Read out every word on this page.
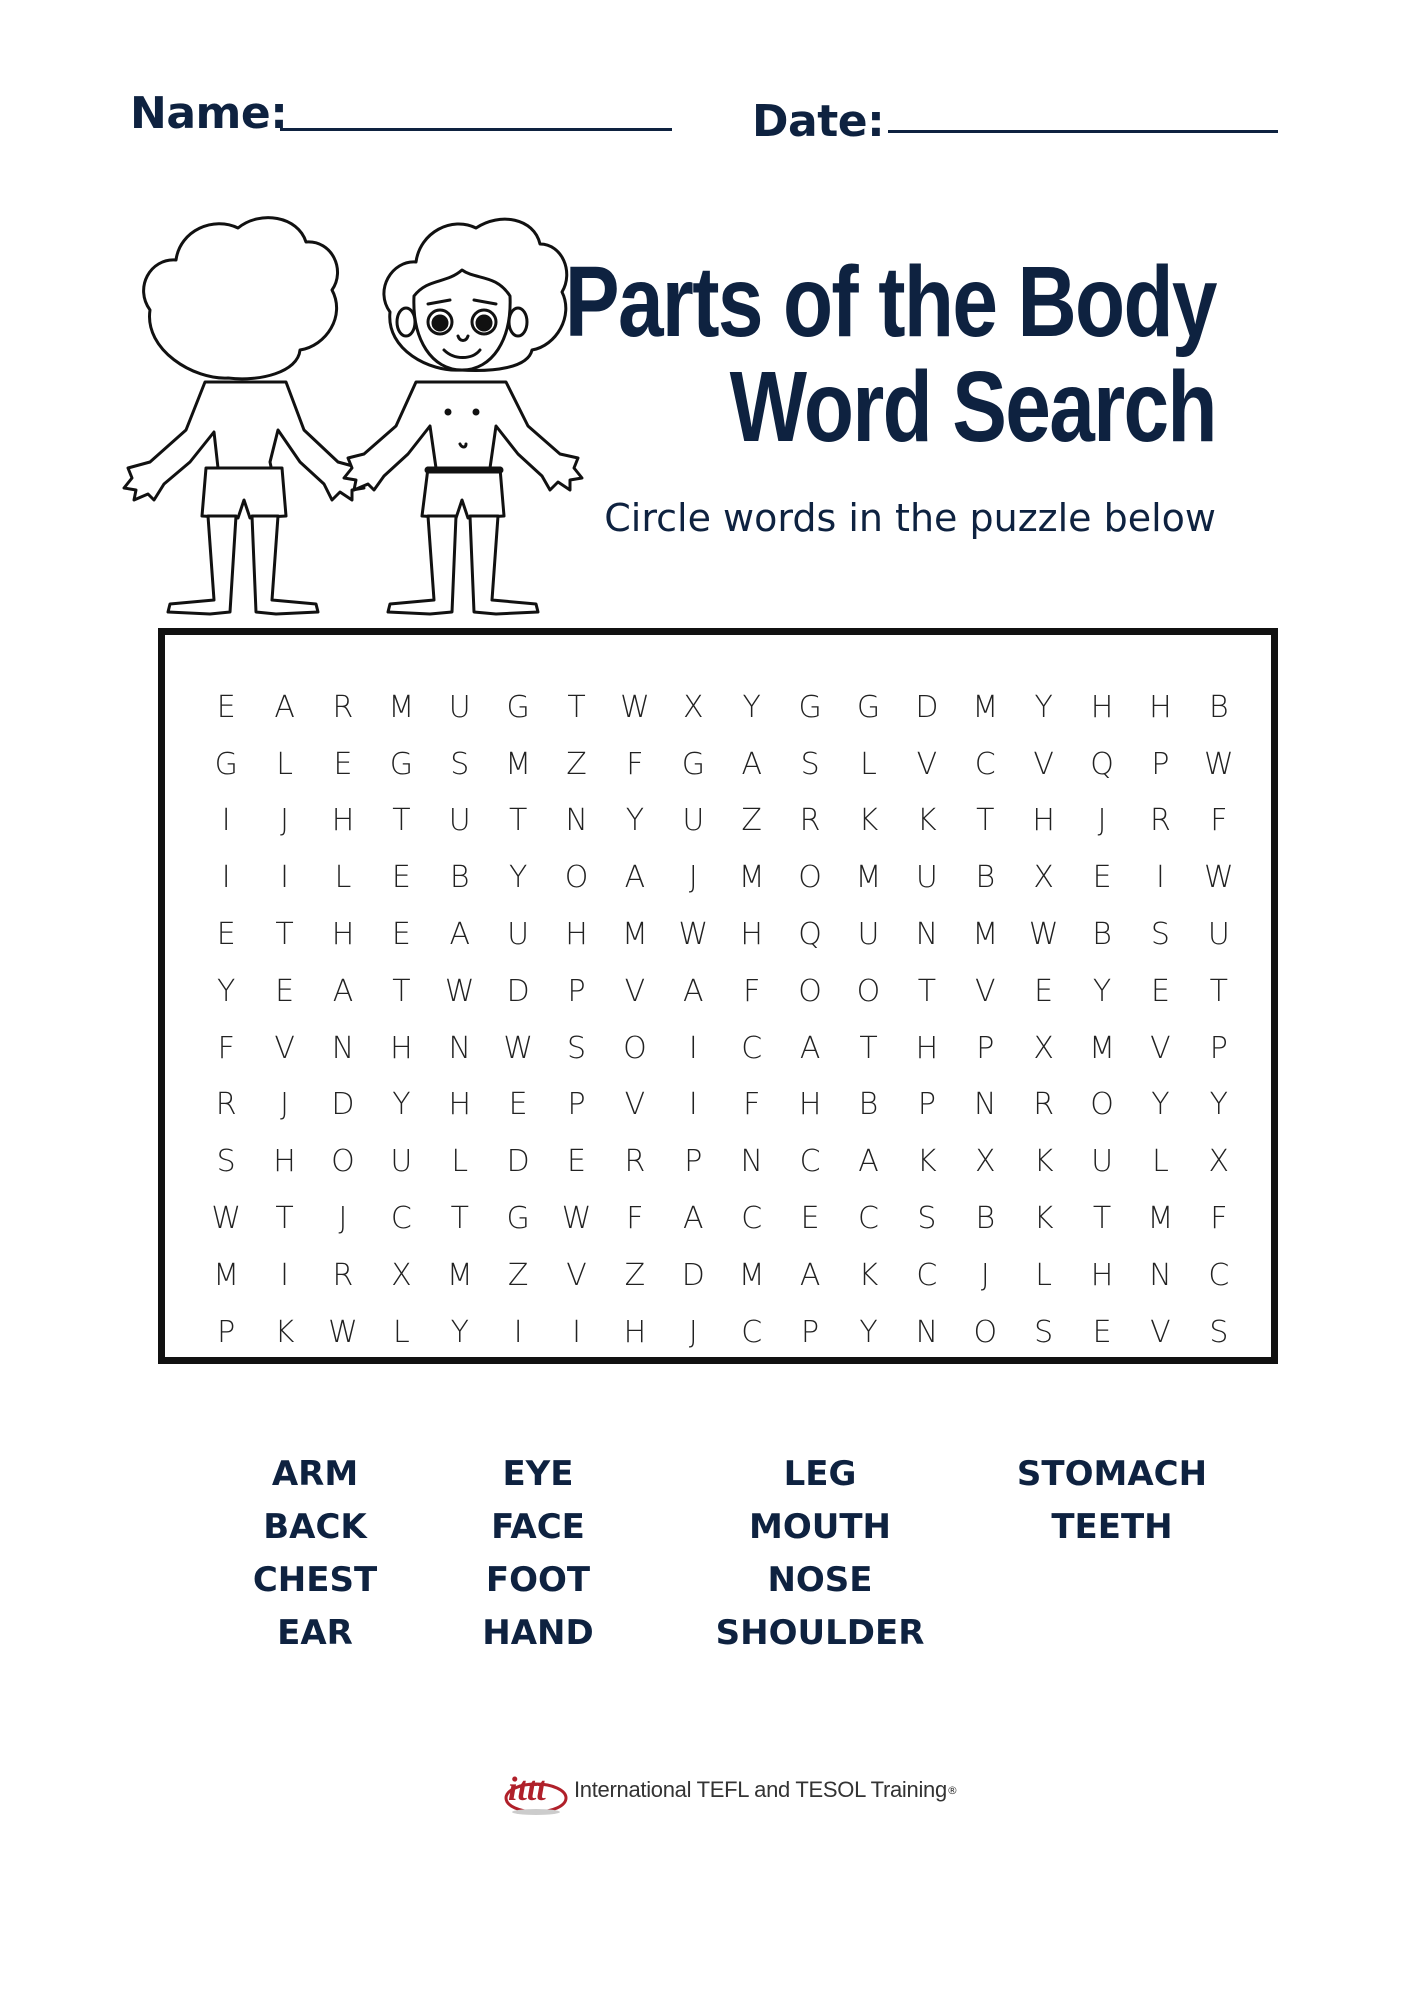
Name:	Date:
Parts of the Body
Word Search
Circle words in the puzzle below
E	A	R	M	U	G	T	W	X	Y	G	G	D	M	Y	H	H	B
G	L	E	G	S	M	Z	F	G	A	S	L	V	C	V	Q	P	W
I	J	H	T	U	T	N	Y	U	Z	R	K	K	T	H	J	R	F
I	I	L	E	B	Y	O	A	J	M	O	M	U	B	X	E	I	W
E	T	H	E	A	U	H	M	W	H	Q	U	N	M	W	B	S	U
Y	E	A	T	W	D	P	V	A	F	O	O	T	V	E	Y	E	T
F	V	N	H	N	W	S	O	I	C	A	T	H	P	X	M	V	P
R	J	D	Y	H	E	P	V	I	F	H	B	P	N	R	O	Y	Y
S	H	O	U	L	D	E	R	P	N	C	A	K	X	K	U	L	X
W	T	J	C	T	G	W	F	A	C	E	C	S	B	K	T	M	F
M	I	R	X	M	Z	V	Z	D	M	A	K	C	J	L	H	N	C
P	K	W	L	Y	I	I	H	J	C	P	Y	N	O	S	E	V	S
ARM
BACK
CHEST
EAR
EYE
FACE
FOOT
HAND
LEG
MOUTH
NOSE
SHOULDER
STOMACH
TEETH
ittt International TEFL and TESOL Training ®
